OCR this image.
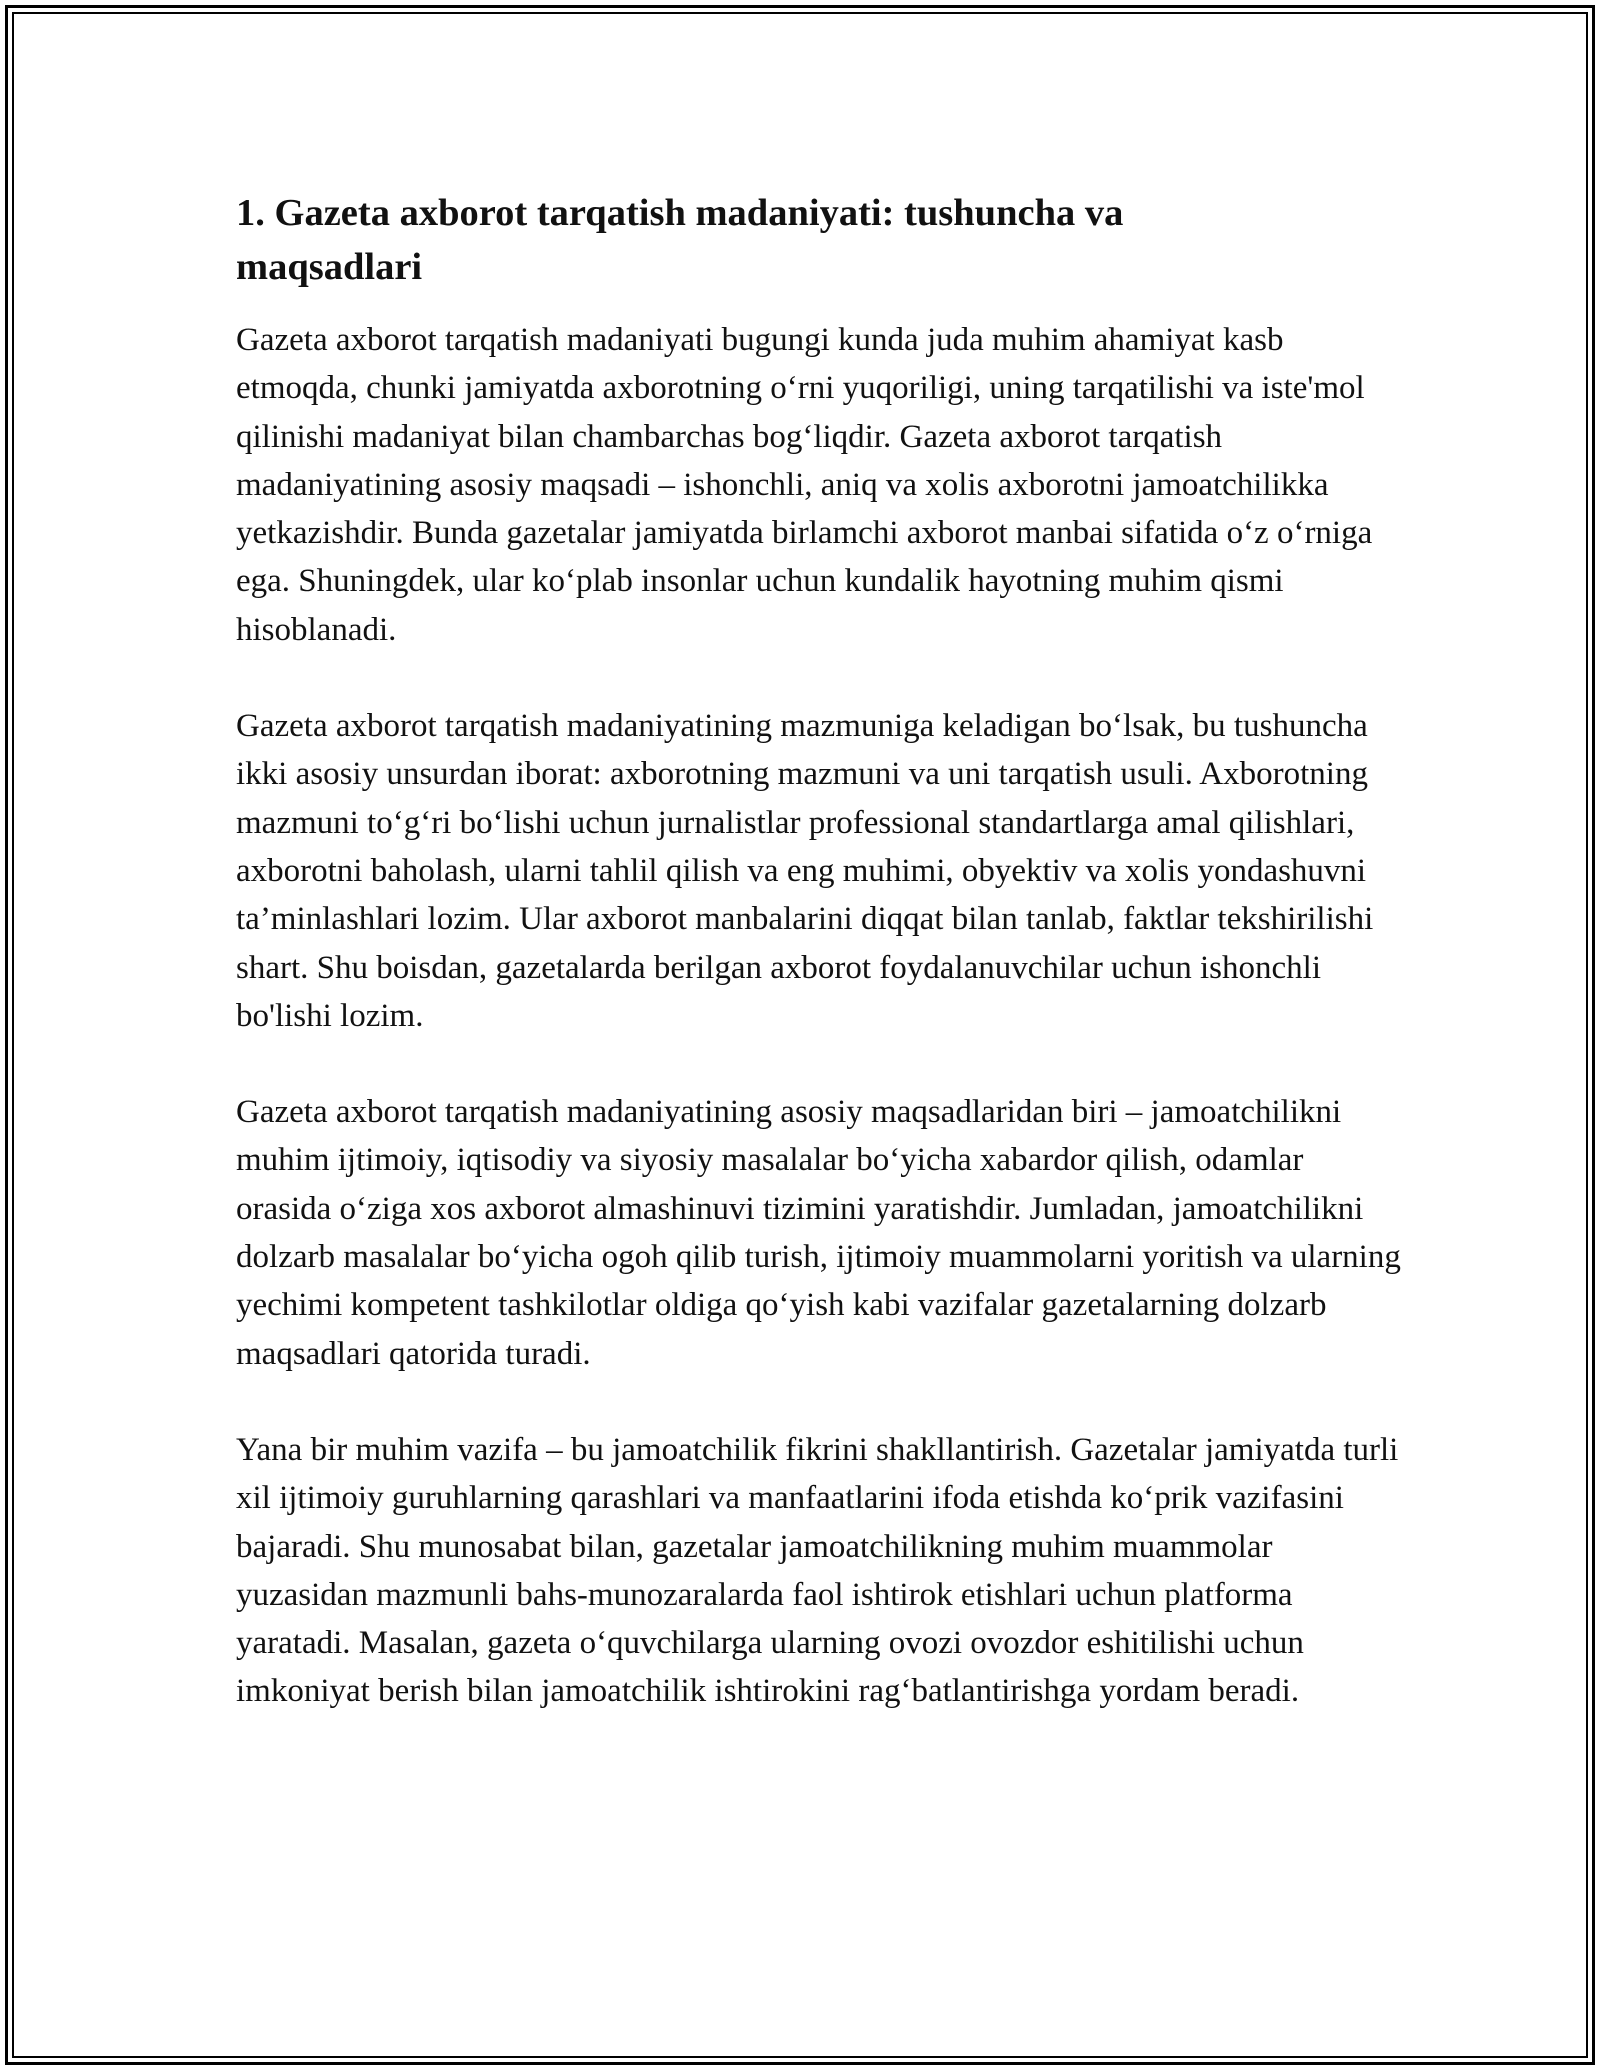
1. Gazeta axborot tarqatish madaniyati: tushuncha va maqsadlari

Gazeta axborot tarqatish madaniyati bugungi kunda juda muhim ahamiyat kasb etmoqda, chunki jamiyatda axborotning o‘rni yuqoriligi, uning tarqatilishi va iste'mol qilinishi madaniyat bilan chambarchas bog‘liqdir. Gazeta axborot tarqatish madaniyatining asosiy maqsadi – ishonchli, aniq va xolis axborotni jamoatchilikka yetkazishdir. Bunda gazetalar jamiyatda birlamchi axborot manbai sifatida o‘z o‘rniga ega. Shuningdek, ular ko‘plab insonlar uchun kundalik hayotning muhim qismi hisoblanadi.

Gazeta axborot tarqatish madaniyatining mazmuniga keladigan bo‘lsak, bu tushuncha ikki asosiy unsurdan iborat: axborotning mazmuni va uni tarqatish usuli. Axborotning mazmuni to‘g‘ri bo‘lishi uchun jurnalistlar professional standartlarga amal qilishlari, axborotni baholash, ularni tahlil qilish va eng muhimi, obyektiv va xolis yondashuvni ta’minlashlari lozim. Ular axborot manbalarini diqqat bilan tanlab, faktlar tekshirilishi shart. Shu boisdan, gazetalarda berilgan axborot foydalanuvchilar uchun ishonchli bo'lishi lozim.

Gazeta axborot tarqatish madaniyatining asosiy maqsadlaridan biri – jamoatchilikni muhim ijtimoiy, iqtisodiy va siyosiy masalalar bo‘yicha xabardor qilish, odamlar orasida o‘ziga xos axborot almashinuvi tizimini yaratishdir. Jumladan, jamoatchilikni dolzarb masalalar bo‘yicha ogoh qilib turish, ijtimoiy muammolarni yoritish va ularning yechimi kompetent tashkilotlar oldiga qo‘yish kabi vazifalar gazetalarning dolzarb maqsadlari qatorida turadi.

Yana bir muhim vazifa – bu jamoatchilik fikrini shakllantirish. Gazetalar jamiyatda turli xil ijtimoiy guruhlarning qarashlari va manfaatlarini ifoda etishda ko‘prik vazifasini bajaradi. Shu munosabat bilan, gazetalar jamoatchilikning muhim muammolar yuzasidan mazmunli bahs-munozaralarda faol ishtirok etishlari uchun platforma yaratadi. Masalan, gazeta o‘quvchilarga ularning ovozi ovozdor eshitilishi uchun imkoniyat berish bilan jamoatchilik ishtirokini rag‘batlantirishga yordam beradi.
